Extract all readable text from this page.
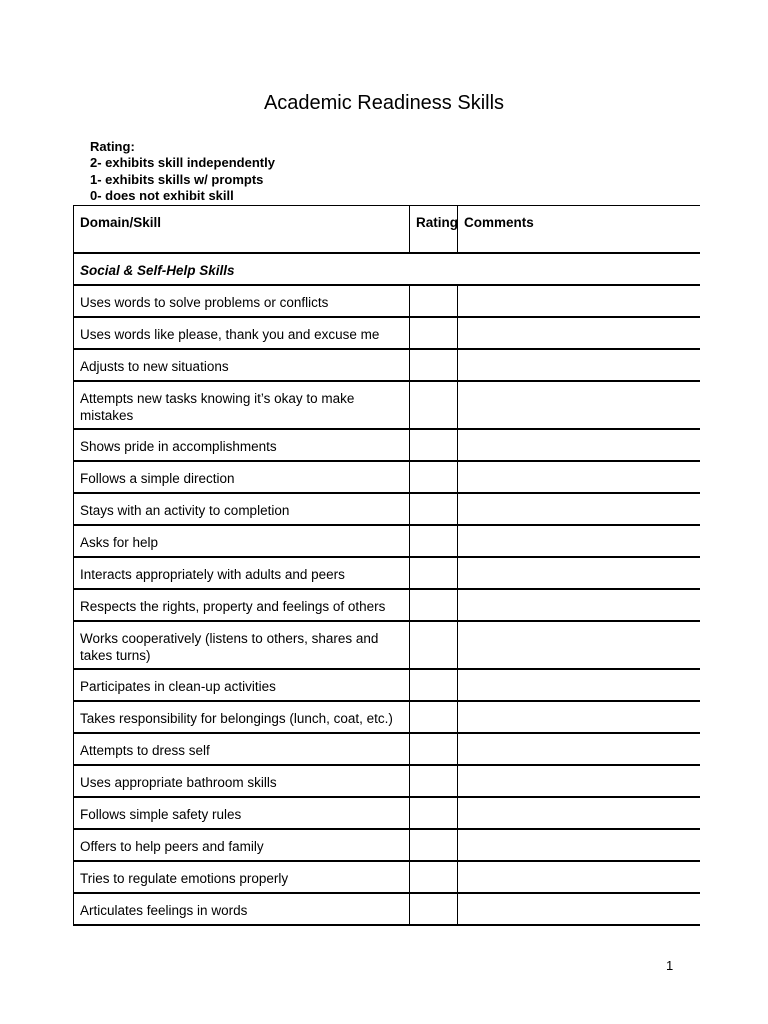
Academic Readiness Skills
Rating:
2- exhibits skill independently
1- exhibits skills w/ prompts
0- does not exhibit skill
Domain/Skill	Rating	Comments
Social & Self-Help Skills		
Uses words to solve problems or conflicts		
Uses words like please, thank you and excuse me		
Adjusts to new situations		
Attempts new tasks knowing it’s okay to make mistakes		
Shows pride in accomplishments		
Follows a simple direction		
Stays with an activity to completion		
Asks for help		
Interacts appropriately with adults and peers		
Respects the rights, property and feelings of others		
Works cooperatively (listens to others, shares and takes turns)		
Participates in clean-up activities		
Takes responsibility for belongings (lunch, coat, etc.)		
Attempts to dress self		
Uses appropriate bathroom skills		
Follows simple safety rules		
Offers to help peers and family		
Tries to regulate emotions properly		
Articulates feelings in words		
1
